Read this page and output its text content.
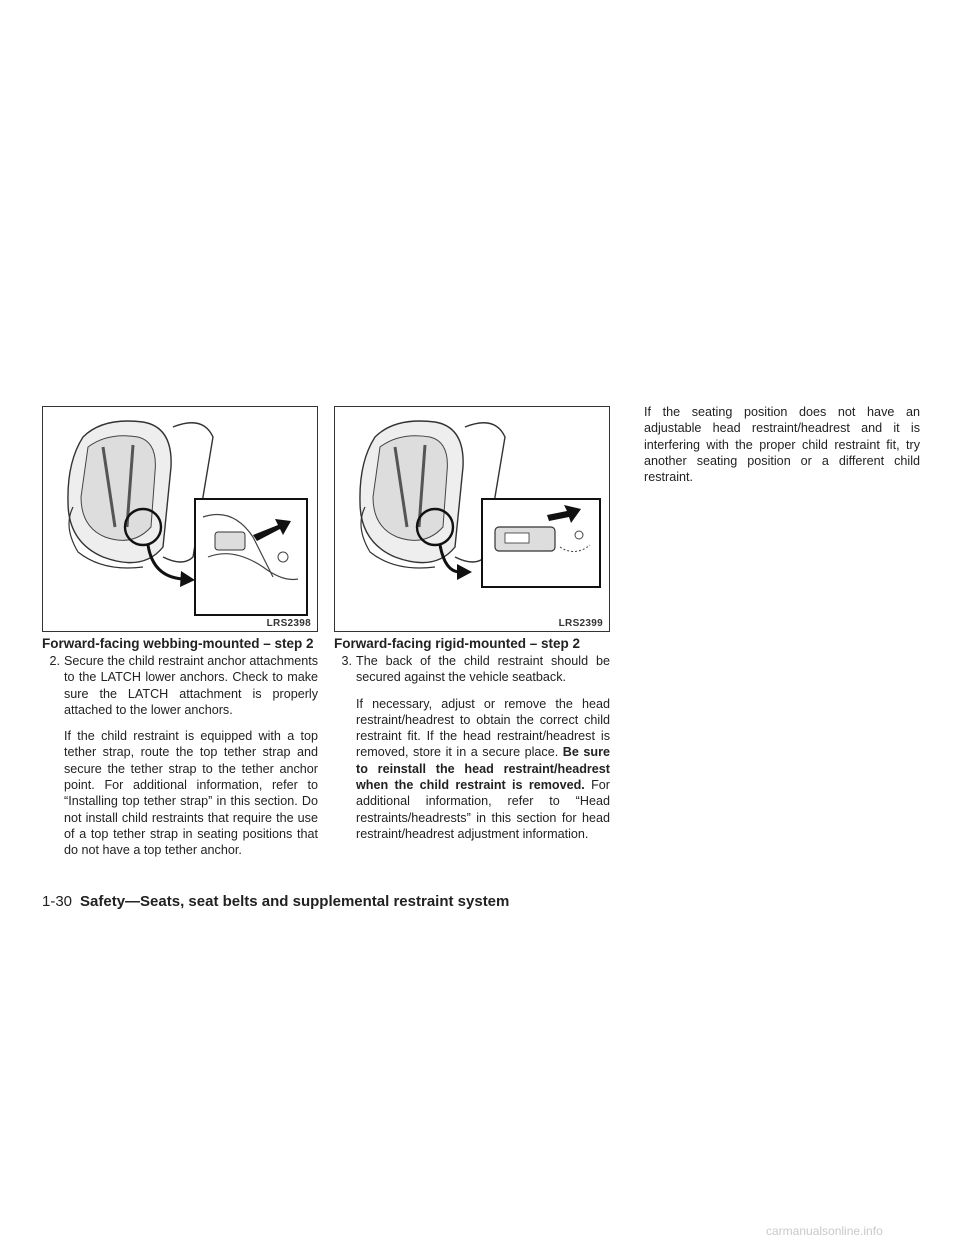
LRS2398
Forward-facing webbing-mounted – step 2
2. Secure the child restraint anchor attachments to the LATCH lower anchors. Check to make sure the LATCH attachment is properly attached to the lower anchors.

If the child restraint is equipped with a top tether strap, route the top tether strap and secure the tether strap to the tether anchor point. For additional information, refer to “Installing top tether strap” in this section. Do not install child restraints that require the use of a top tether strap in seating positions that do not have a top tether anchor.

LRS2399
Forward-facing rigid-mounted – step 2
3. The back of the child restraint should be secured against the vehicle seatback.

If necessary, adjust or remove the head restraint/headrest to obtain the correct child restraint fit. If the head restraint/headrest is removed, store it in a secure place. Be sure to reinstall the head restraint/headrest when the child restraint is removed. For additional information, refer to “Head restraints/headrests” in this section for head restraint/headrest adjustment information.

If the seating position does not have an adjustable head restraint/headrest and it is interfering with the proper child restraint fit, try another seating position or a different child restraint.

1-30 Safety—Seats, seat belts and supplemental restraint system
carmanualsonline.info
